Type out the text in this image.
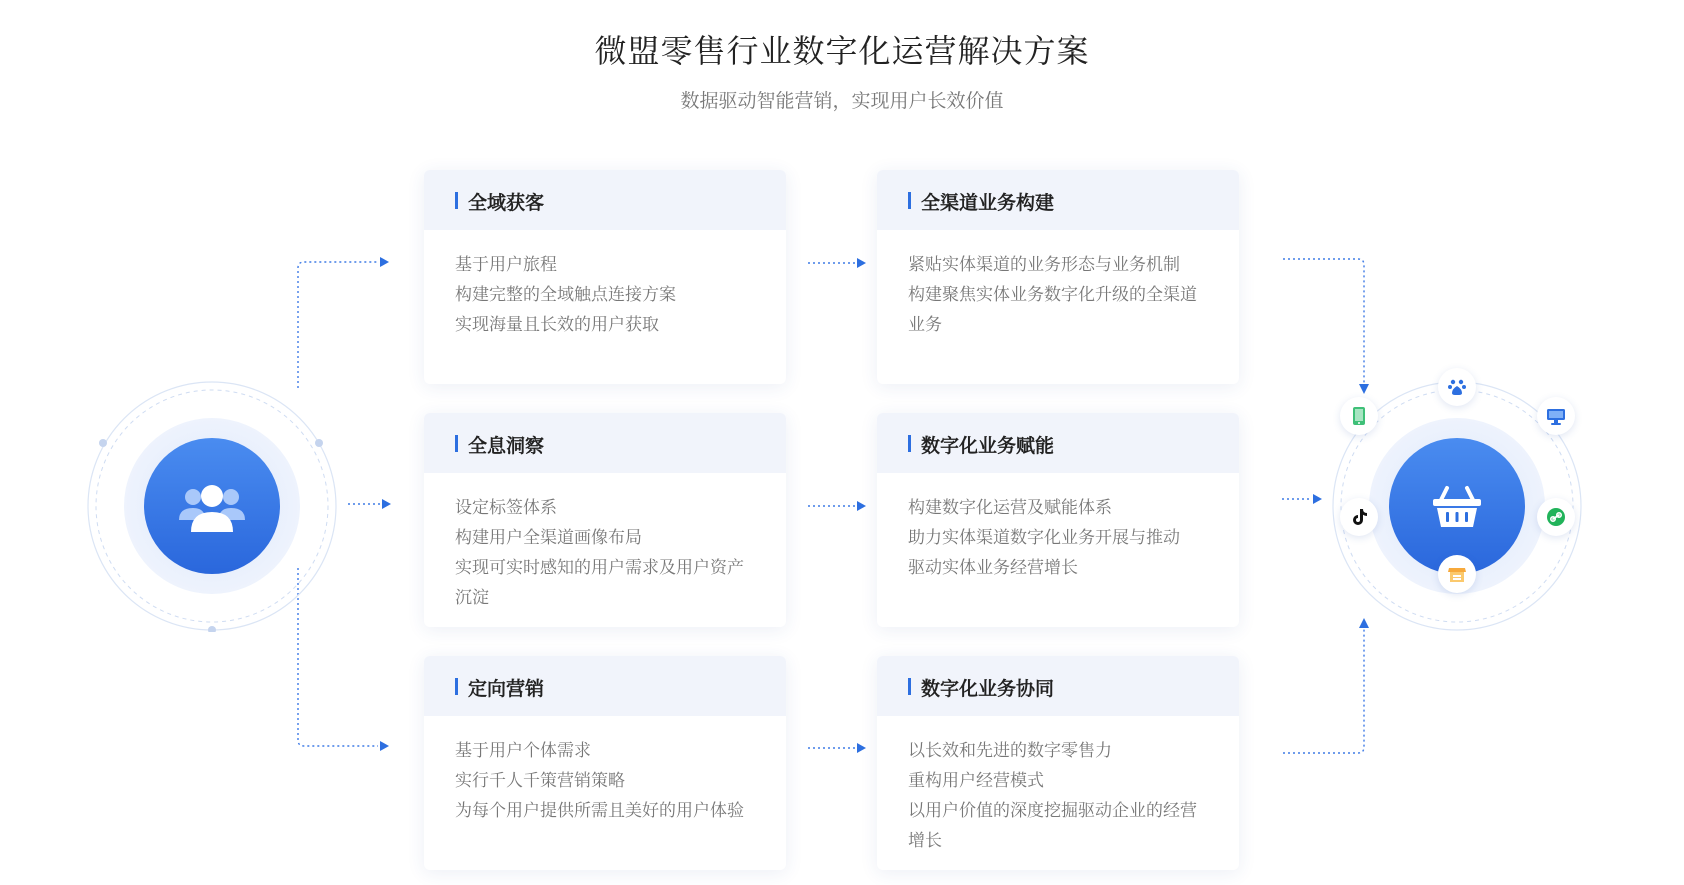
微盟零售行业数字化运营解决方案
数据驱动智能营销，实现用户长效价值
全域获客
基于用户旅程
构建完整的全域触点连接方案
实现海量且长效的用户获取
全渠道业务构建
紧贴实体渠道的业务形态与业务机制
构建聚焦实体业务数字化升级的全渠道
业务
全息洞察
设定标签体系
构建用户全渠道画像布局
实现可实时感知的用户需求及用户资产
沉淀
数字化业务赋能
构建数字化运营及赋能体系
助力实体渠道数字化业务开展与推动
驱动实体业务经营增长
定向营销
基于用户个体需求
实行千人千策营销策略
为每个用户提供所需且美好的用户体验
数字化业务协同
以长效和先进的数字零售力
重构用户经营模式
以用户价值的深度挖掘驱动企业的经营
增长
